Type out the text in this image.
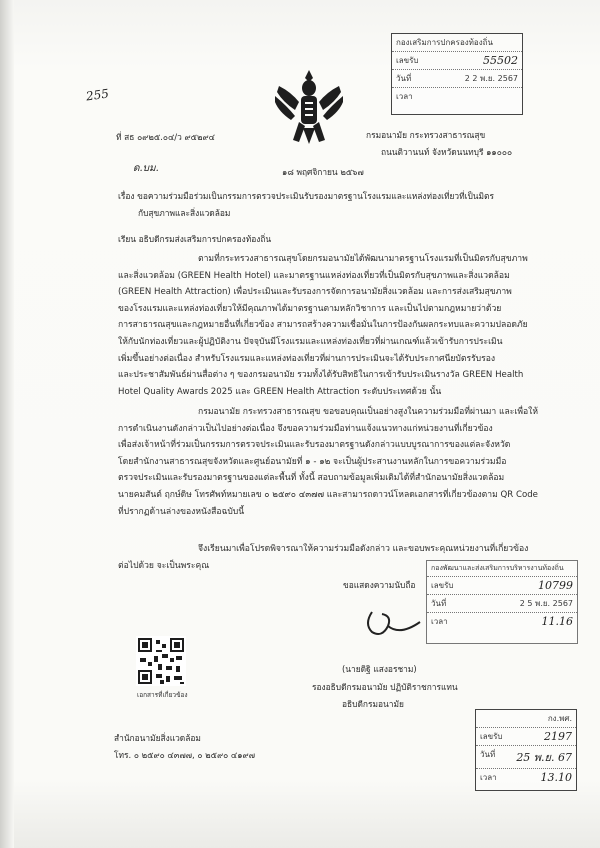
กองเสริมการปกครองท้องถิ่น
เลขรับ	55502
วันที่	2 2 พ.ย. 2567
เวลา
255
ที่ สธ ๐๙๒๕.๐๔/ว ๙๕๒๙๔	กรมอนามัย กระทรวงสาธารณสุข
ถนนติวานนท์ จังหวัดนนทบุรี ๑๑๐๐๐
ด.บม.	๑๘ พฤศจิกายน ๒๕๖๗
เรื่อง ขอความร่วมมือร่วมเป็นกรรมการตรวจประเมินรับรองมาตรฐานโรงแรมและแหล่งท่องเที่ยวที่เป็นมิตร
กับสุขภาพและสิ่งแวดล้อม
เรียน อธิบดีกรมส่งเสริมการปกครองท้องถิ่น
ตามที่กระทรวงสาธารณสุขโดยกรมอนามัยได้พัฒนามาตรฐานโรงแรมที่เป็นมิตรกับสุขภาพ
และสิ่งแวดล้อม (GREEN Health Hotel) และมาตรฐานแหล่งท่องเที่ยวที่เป็นมิตรกับสุขภาพและสิ่งแวดล้อม
(GREEN Health Attraction) เพื่อประเมินและรับรองการจัดการอนามัยสิ่งแวดล้อม และการส่งเสริมสุขภาพ
ของโรงแรมและแหล่งท่องเที่ยวให้มีคุณภาพได้มาตรฐานตามหลักวิชาการ และเป็นไปตามกฎหมายว่าด้วย
การสาธารณสุขและกฎหมายอื่นที่เกี่ยวข้อง สามารถสร้างความเชื่อมั่นในการป้องกันผลกระทบและความปลอดภัย
ให้กับนักท่องเที่ยวและผู้ปฏิบัติงาน ปัจจุบันมีโรงแรมและแหล่งท่องเที่ยวที่ผ่านเกณฑ์แล้วเข้ารับการประเมิน
เพิ่มขึ้นอย่างต่อเนื่อง สำหรับโรงแรมและแหล่งท่องเที่ยวที่ผ่านการประเมินจะได้รับประกาศนียบัตรรับรอง
และประชาสัมพันธ์ผ่านสื่อต่าง ๆ ของกรมอนามัย รวมทั้งได้รับสิทธิในการเข้ารับประเมินรางวัล GREEN Health
Hotel Quality Awards 2025 และ GREEN Health Attraction ระดับประเทศด้วย นั้น
กรมอนามัย กระทรวงสาธารณสุข ขอขอบคุณเป็นอย่างสูงในความร่วมมือที่ผ่านมา และเพื่อให้
การดำเนินงานดังกล่าวเป็นไปอย่างต่อเนื่อง จึงขอความร่วมมือท่านแจ้งแนวทางแก่หน่วยงานที่เกี่ยวข้อง
เพื่อส่งเจ้าหน้าที่ร่วมเป็นกรรมการตรวจประเมินและรับรองมาตรฐานดังกล่าวแบบบูรณาการของแต่ละจังหวัด
โดยสำนักงานสาธารณสุขจังหวัดและศูนย์อนามัยที่ ๑ - ๑๒ จะเป็นผู้ประสานงานหลักในการขอความร่วมมือ
ตรวจประเมินและรับรองมาตรฐานของแต่ละพื้นที่ ทั้งนี้ สอบถามข้อมูลเพิ่มเติมได้ที่สำนักอนามัยสิ่งแวดล้อม
นายคมสันต์ ฤกษ์ดิษ โทรศัพท์หมายเลข ๐ ๒๕๙๐ ๔๓๗๗ และสามารถดาวน์โหลดเอกสารที่เกี่ยวข้องตาม QR Code
ที่ปรากฏด้านล่างของหนังสือฉบับนี้
จึงเรียนมาเพื่อโปรดพิจารณาให้ความร่วมมือดังกล่าว และขอบพระคุณหน่วยงานที่เกี่ยวข้อง
ต่อไปด้วย จะเป็นพระคุณ
ขอแสดงความนับถือ
กองพัฒนาและส่งเสริมการบริหารงานท้องถิ่น
เลขรับ	10799
วันที่	2 5 พ.ย. 2567
เวลา	11.16
(นายดิฐิ แสงอรชาม)
รองอธิบดีกรมอนามัย ปฏิบัติราชการแทน
อธิบดีกรมอนามัย
เอกสารที่เกี่ยวข้อง
กง.พศ.
เลขรับ	2197
วันที่ 25 พ.ย. 67
เวลา	13.10
สำนักอนามัยสิ่งแวดล้อม
โทร. ๐ ๒๕๙๐ ๔๓๗๗, ๐ ๒๕๙๐ ๔๑๙๗
